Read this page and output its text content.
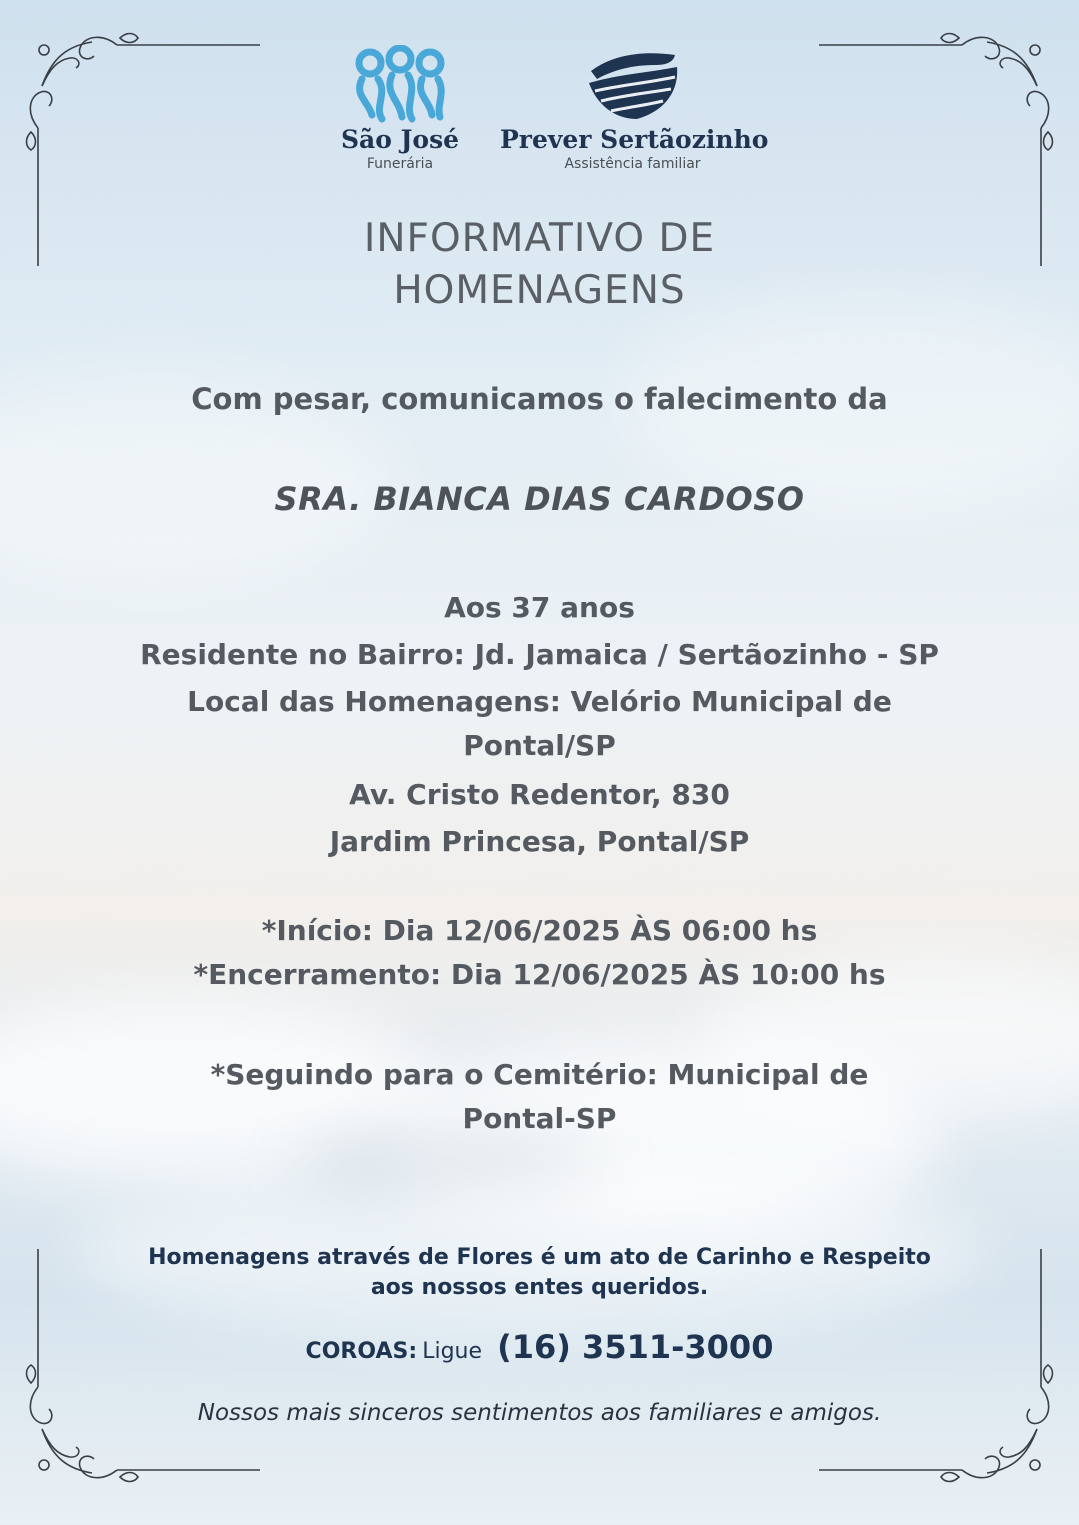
São José
Funerária
Prever Sertãozinho
Assistência familiar
INFORMATIVO DE
HOMENAGENS
Com pesar, comunicamos o falecimento da
SRA. BIANCA DIAS CARDOSO
Aos 37 anos
Residente no Bairro: Jd. Jamaica / Sertãozinho - SP
Local das Homenagens: Velório Municipal de
Pontal/SP
Av. Cristo Redentor, 830
Jardim Princesa, Pontal/SP
*Início: Dia 12/06/2025 ÀS 06:00 hs
*Encerramento: Dia 12/06/2025 ÀS 10:00 hs
*Seguindo para o Cemitério: Municipal de Pontal-SP
Homenagens através de Flores é um ato de Carinho e Respeito
aos nossos entes queridos.
COROAS: Ligue (16) 3511-3000
Nossos mais sinceros sentimentos aos familiares e amigos.
